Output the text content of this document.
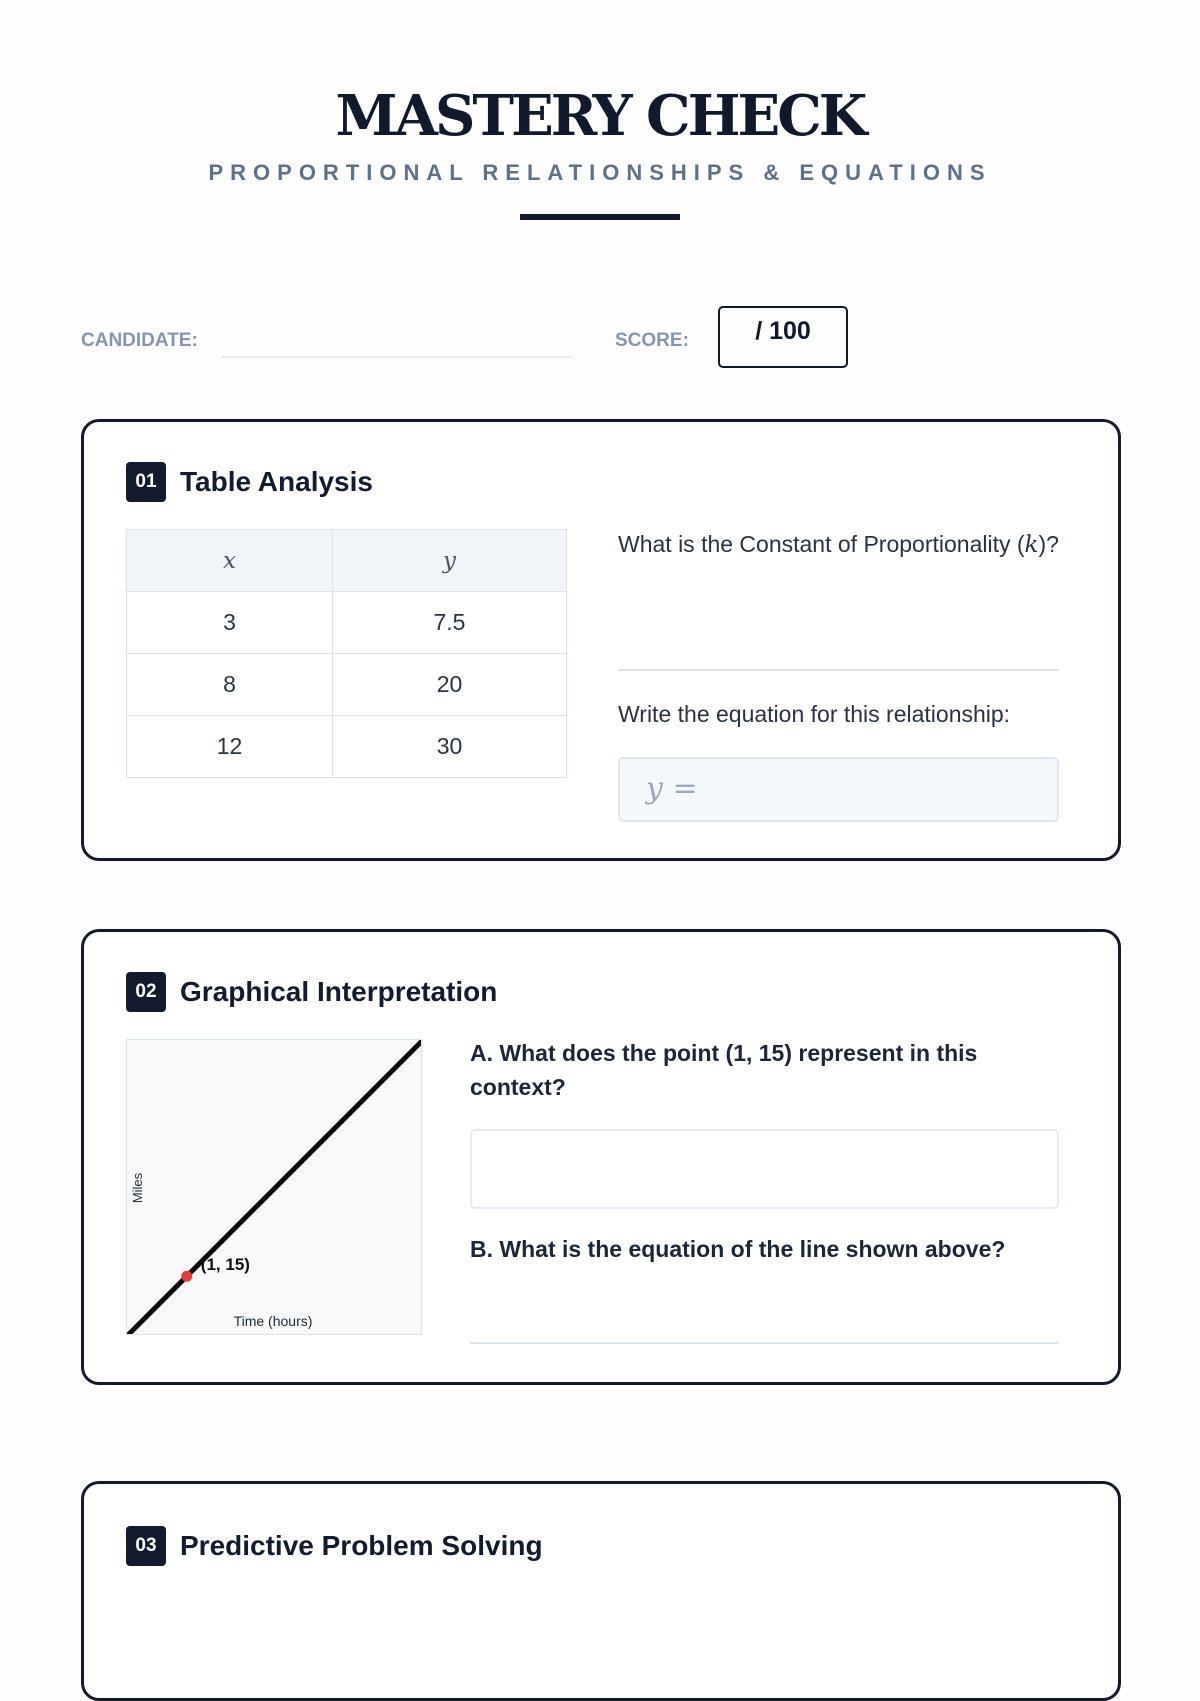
MASTERY CHECK
PROPORTIONAL RELATIONSHIPS & EQUATIONS
CANDIDATE:	SCORE:	/ 100
01 Table Analysis
x	y
3	7.5
8	20
12	30
What is the Constant of Proportionality (k)?
Write the equation for this relationship:
y =
02 Graphical Interpretation
(1, 15)
Time (hours)
Miles
A. What does the point (1, 15) represent in this context?
B. What is the equation of the line shown above?
03 Predictive Problem Solving
